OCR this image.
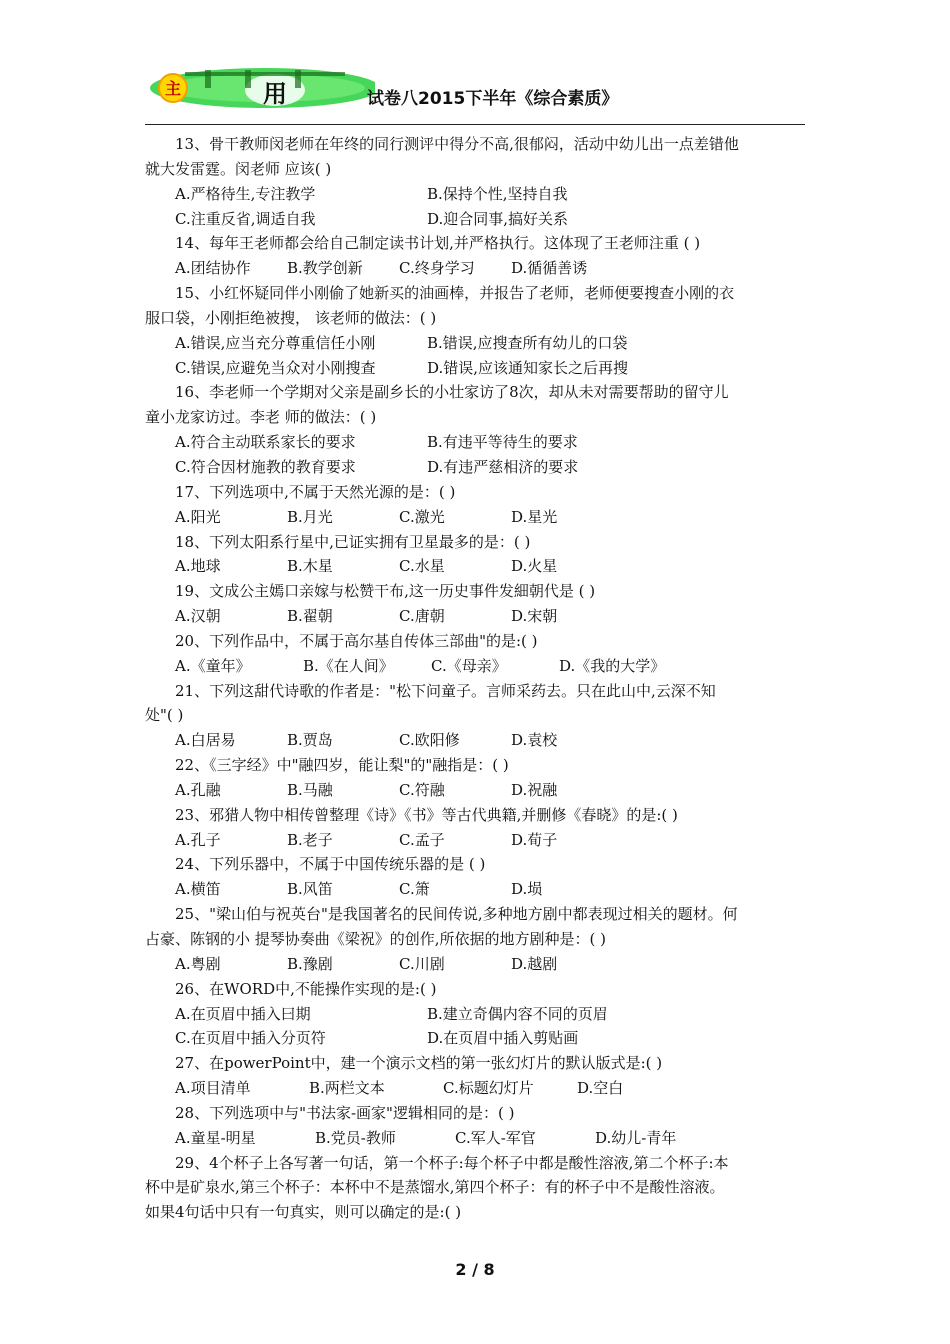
主	用	试卷八2015下半年《综合素质》
13、骨干教师闵老师在年终的同行测评中得分不高,很郁闷，活动中幼儿出一点差错他
就大发雷霆。闵老师 应该( )
A.严格待生,专注教学	B.保持个性,坚持自我
C.注重反省,调适自我	D.迎合同事,搞好关系
14、每年王老师都会给自己制定读书计划,并严格执行。这体现了王老师注重 ( )
A.团结协作 B.教学创新 C.终身学习 D.循循善诱
15、小红怀疑同伴小刚偷了她新买的油画棒，并报告了老师，老师便要搜查小刚的衣
服口袋，小刚拒绝被搜， 该老师的做法：( )
A.错误,应当充分尊重信任小刚	B.错误,应搜查所有幼儿的口袋
C.错误,应避免当众对小刚搜查	D.错误,应该通知家长之后再搜
16、李老师一个学期对父亲是副乡长的小壮家访了8次，却从未对需要帮助的留守儿
童小龙家访过。李老 师的做法：( )
A.符合主动联系家长的要求	B.有违平等待生的要求
C.符合因材施教的教育要求	D.有违严慈相济的要求
17、下列选项中,不属于天然光源的是：( )
A.阳光	B.月光	C.激光	D.星光
18、下列太阳系行星中,已证实拥有卫星最多的是：( )
A.地球	B.木星	C.水星	D.火星
19、文成公主嫣口亲嫁与松赞干布,这一历史事件发細朝代是 ( )
A.汉朝	B.翟朝	C.唐朝	D.宋朝
20、下列作品中，不属于高尔基自传体三部曲"的是:( )
A.《童年》	B.《在人间》 C.《母亲》	D.《我的大学》
21、下列这甜代诗歌的作者是："松下问童子。言师采药去。只在此山中,云深不知
处"( )
A.白居易	B.贾岛	C.欧阳修	D.袁校
22、《三字经》中"融四岁，能让梨"的"融指是：( )
A.孔融	B.马融	C.符融	D.祝融
23、邪猎人物中相传曾整理《诗》《书》等古代典籍,并删修《春晓》的是:( )
A.孔子	B.老子	C.孟子	D.荀子
24、下列乐器中，不属于中国传统乐器的是 ( )
A.横笛	B.风笛	C.箫	D.埙
25、"梁山伯与祝英台"是我国著名的民间传说,多种地方剧中都表现过相关的题材。何
占豪、陈钢的小 提琴协奏曲《梁祝》的创作,所依据的地方剧种是：( )
A.粤剧	B.豫剧	C.川剧	D.越剧
26、在WORD中,不能操作实现的是:( )
A.在页眉中插入曰期	B.建立奇偶内容不同的页眉
C.在页眉中插入分页符	D.在页眉中插入剪贴画
27、在powerPoint中，建一个演示文档的第一张幻灯片的默认版式是:( )
A.项目清单	B.两栏文本	C.标题幻灯片	D.空白
28、下列选项中与"书法家-画家"逻辑相同的是：( )
A.童星-明星	B.党员-教师	C.军人-军官	D.幼儿-青年
29、4个杯子上各写著一句话，第一个杯子:每个杯子中都是酸性溶液,第二个杯子:本
杯中是矿泉水,第三个杯子：本杯中不是蒸馏水,第四个杯子：有的杯子中不是酸性溶液。
如果4句话中只有一句真实，则可以确定的是:( )
2 / 8
